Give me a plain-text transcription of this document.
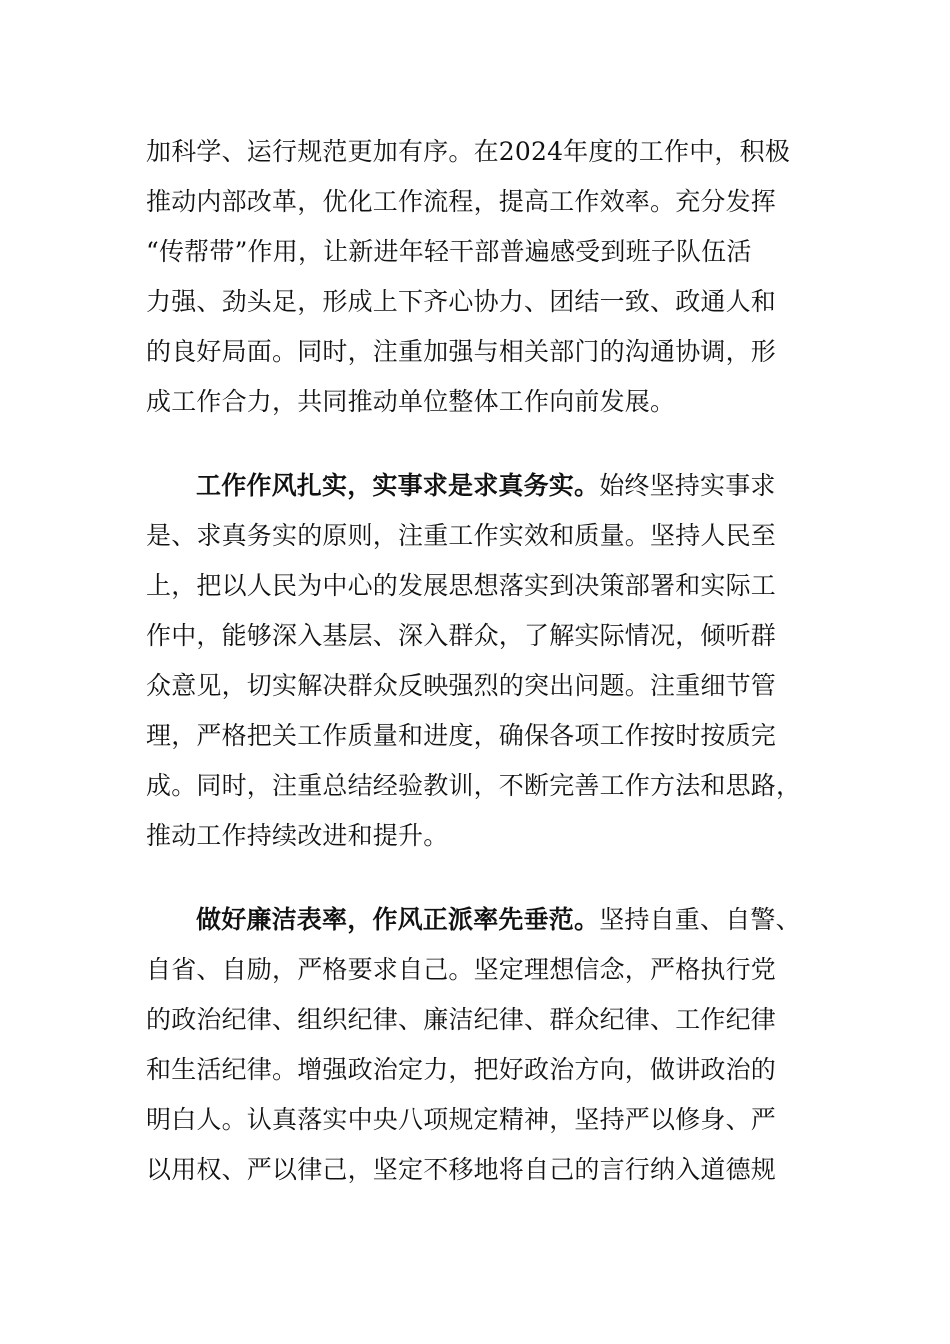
加科学、运行规范更加有序。在2024年度的工作中，积极
推动内部改革，优化工作流程，提高工作效率。充分发挥
“传帮带”作用，让新进年轻干部普遍感受到班子队伍活
力强、劲头足，形成上下齐心协力、团结一致、政通人和
的良好局面。同时，注重加强与相关部门的沟通协调，形
成工作合力，共同推动单位整体工作向前发展。
工作作风扎实，实事求是求真务实。始终坚持实事求
是、求真务实的原则，注重工作实效和质量。坚持人民至
上，把以人民为中心的发展思想落实到决策部署和实际工
作中，能够深入基层、深入群众，了解实际情况，倾听群
众意见，切实解决群众反映强烈的突出问题。注重细节管
理，严格把关工作质量和进度，确保各项工作按时按质完
成。同时，注重总结经验教训，不断完善工作方法和思路，
推动工作持续改进和提升。
做好廉洁表率，作风正派率先垂范。坚持自重、自警、
自省、自励，严格要求自己。坚定理想信念，严格执行党
的政治纪律、组织纪律、廉洁纪律、群众纪律、工作纪律
和生活纪律。增强政治定力，把好政治方向，做讲政治的
明白人。认真落实中央八项规定精神，坚持严以修身、严
以用权、严以律己，坚定不移地将自己的言行纳入道德规
